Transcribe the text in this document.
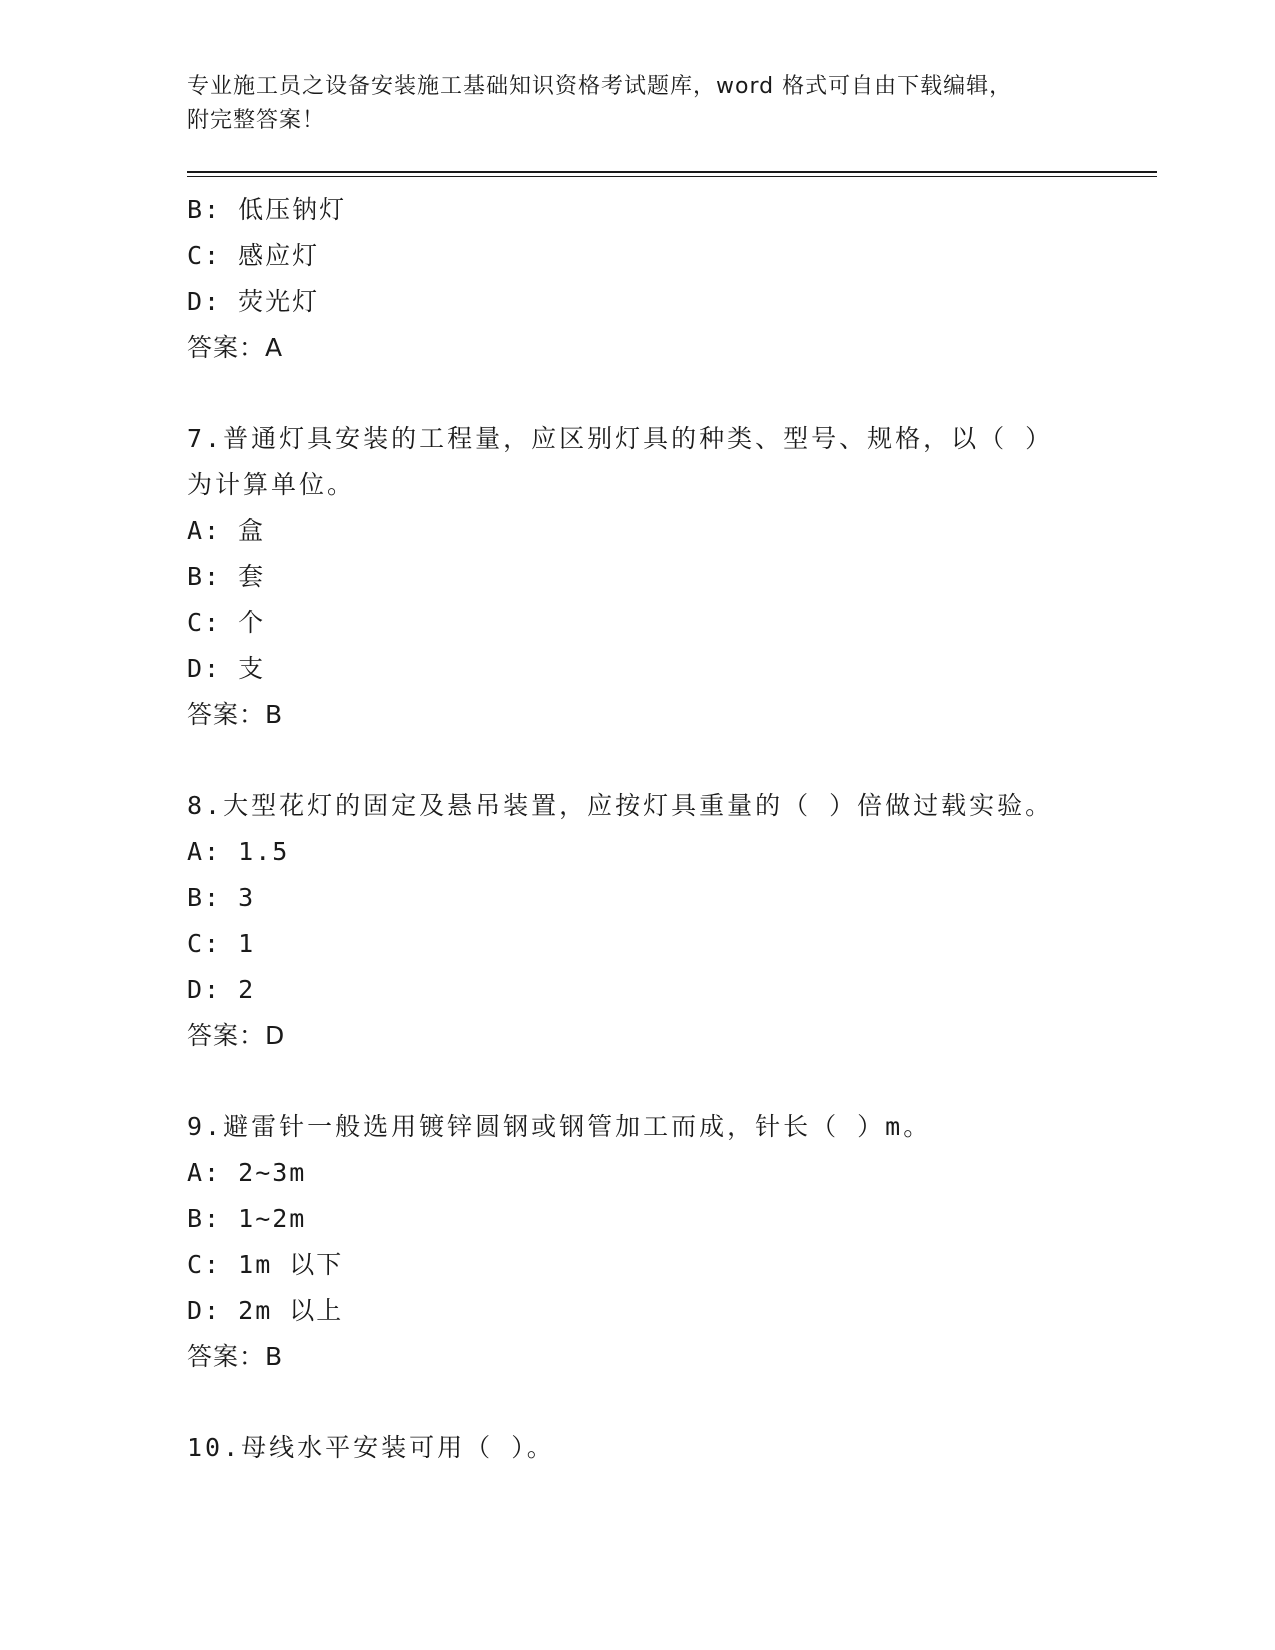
专业施工员之设备安装施工基础知识资格考试题库，word 格式可自由下载编辑，

附完整答案！

B: 低压钠灯

C: 感应灯

D: 荧光灯

答案：A

7.普通灯具安装的工程量，应区别灯具的种类、型号、规格，以（ ）

为计算单位。

A: 盒

B: 套

C: 个

D: 支

答案：B

8.大型花灯的固定及悬吊装置，应按灯具重量的（ ）倍做过载实验。

A: 1.5

B: 3

C: 1

D: 2

答案：D

9.避雷针一般选用镀锌圆钢或钢管加工而成，针长（ ）m。

A: 2~3m

B: 1~2m

C: 1m 以下

D: 2m 以上

答案：B

10.母线水平安装可用（ ）。
